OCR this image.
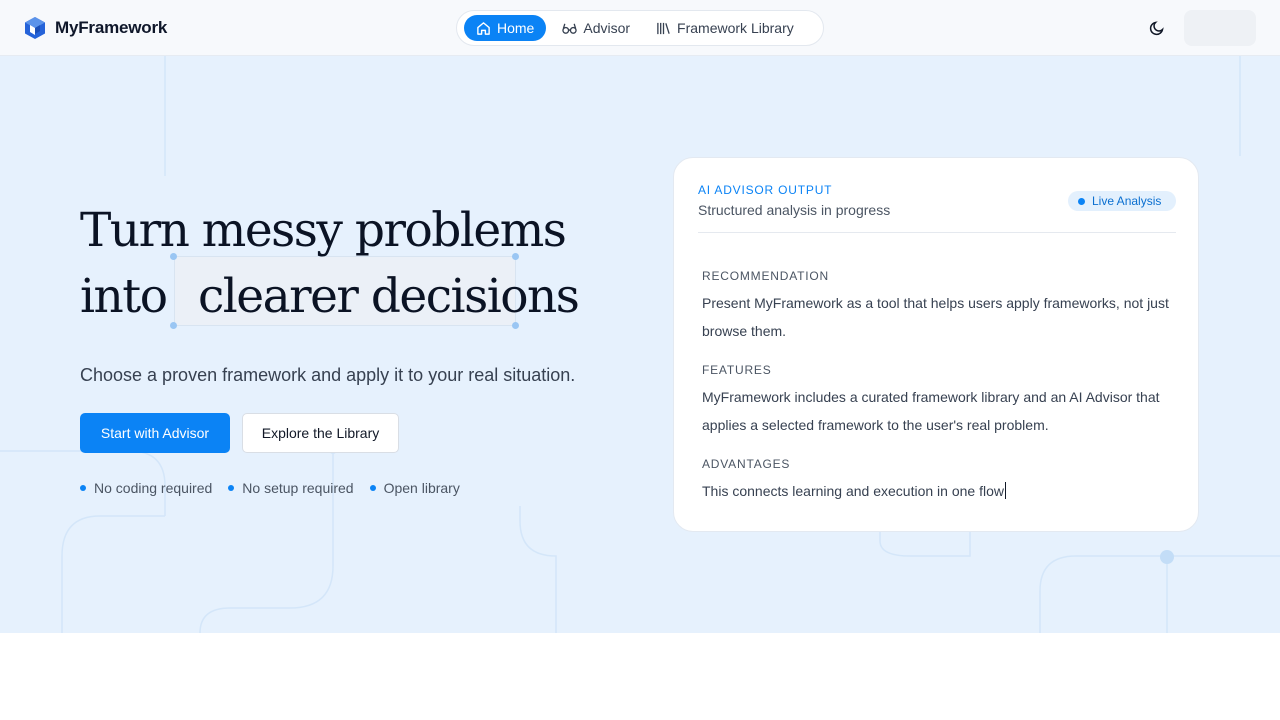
MyFramework	Home	Advisor	Framework Library
Turn messy problems
into clearer decisions

Choose a proven framework and apply it to your real situation.

Start with Advisor	Explore the Library
No coding required No setup required Open library
AI ADVISOR OUTPUT
Structured analysis in progress
Live Analysis
RECOMMENDATION
Present MyFramework as a tool that helps users apply frameworks, not just browse them.
FEATURES
MyFramework includes a curated framework library and an AI Advisor that applies a selected framework to the user's real problem.
ADVANTAGES
This connects learning and execution in one flow
